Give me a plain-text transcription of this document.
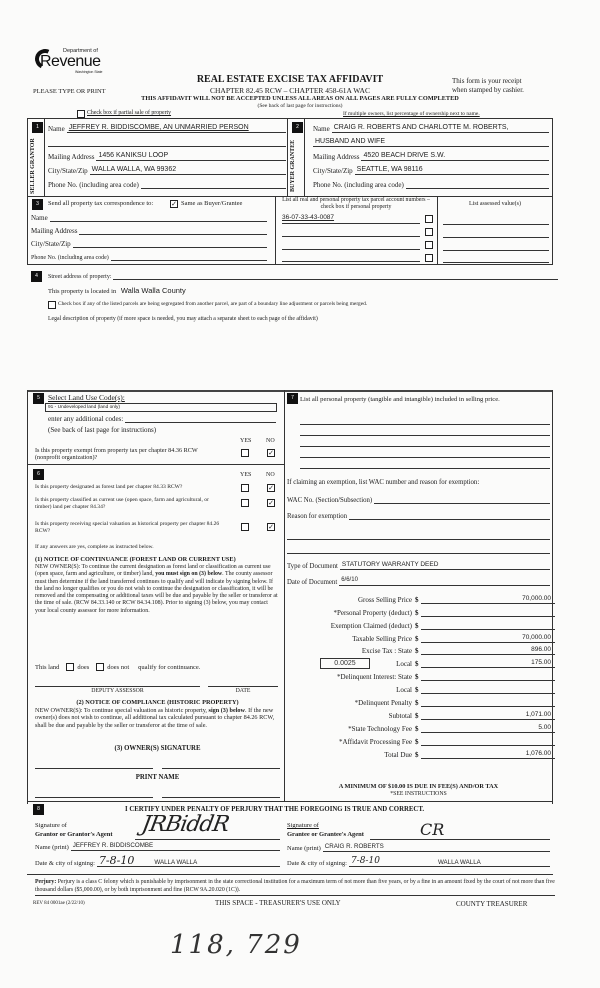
Department of
Revenue
Washington State
PLEASE TYPE OR PRINT
REAL ESTATE EXCISE TAX AFFIDAVIT
CHAPTER 82.45 RCW – CHAPTER 458-61A WAC
This form is your receipt
when stamped by cashier.
THIS AFFIDAVIT WILL NOT BE ACCEPTED UNLESS ALL AREAS ON ALL PAGES ARE FULLY COMPLETED
(See back of last page for instructions)
Check box if partial sale of property	If multiple owners, list percentage of ownership next to name.
1
SELLER GRANTOR
Name JEFFREY R. BIDDISCOMBE, AN UNMARRIED PERSON
Mailing Address 1456 KANIKSU LOOP
City/State/Zip WALLA WALLA, WA 99362
Phone No. (including area code)
2
BUYER GRANTEE
Name CRAIG R. ROBERTS AND CHARLOTTE M. ROBERTS,
HUSBAND AND WIFE
Mailing Address 4520 BEACH DRIVE S.W.
City/State/Zip SEATTLE, WA 98116
Phone No. (including area code)
3	Send all property tax correspondence to:	✓ Same as Buyer/Grantee
Name
Mailing Address
City/State/Zip
Phone No. (including area code)
List all real and personal property tax parcel account numbers – check box if personal property	List assessed value(s)
36-07-33-43-0087
4	Street address of property:
This property is located in Walla Walla County
Check box if any of the listed parcels are being segregated from another parcel, are part of a boundary line adjustment or parcels being merged.
Legal description of property (if more space is needed, you may attach a separate sheet to each page of the affidavit)
5	Select Land Use Code(s):
91 - Undeveloped land (land only)
enter any additional codes:
(See back of last page for instructions)
YES NO
Is this property exempt from property tax per chapter 84.36 RCW (nonprofit organization)?
✓
6	YES NO
Is this property designated as forest land per chapter 84.33 RCW?	✓
Is this property classified as current use (open space, farm and agricultural, or timber) land per chapter 84.34?	✓
Is this property receiving special valuation as historical property per chapter 84.26 RCW?	✓
If any answers are yes, complete as instructed below.
(1) NOTICE OF CONTINUANCE (FOREST LAND OR CURRENT USE)
NEW OWNER(S): To continue the current designation as forest land or classification as current use (open space, farm and agriculture, or timber) land, you must sign on (3) below. The county assessor must then determine if the land transferred continues to qualify and will indicate by signing below. If the land no longer qualifies or you do not wish to continue the designation or classification, it will be removed and the compensating or additional taxes will be due and payable by the seller or transferor at the time of sale. (RCW 84.33.140 or RCW 84.34.108). Prior to signing (3) below, you may contact your local county assessor for more information.
This land	does	does not qualify for continuance.
DEPUTY ASSESSOR	DATE
(2) NOTICE OF COMPLIANCE (HISTORIC PROPERTY)
NEW OWNER(S): To continue special valuation as historic property, sign (3) below. If the new owner(s) does not wish to continue, all additional tax calculated pursuant to chapter 84.26 RCW, shall be due and payable by the seller or transferor at the time of sale.
(3) OWNER(S) SIGNATURE
PRINT NAME
7 List all personal property (tangible and intangible) included in selling price.
If claiming an exemption, list WAC number and reason for exemption:
WAC No. (Section/Subsection)
Reason for exemption
Type of Document STATUTORY WARRANTY DEED
Date of Document 6/6/10
Gross Selling Price $	70,000.00
*Personal Property (deduct) $
Exemption Claimed (deduct) $
Taxable Selling Price $	70,000.00
Excise Tax : State $	896.00
0.0025	Local $	175.00
*Delinquent Interest: State $
Local $
*Delinquent Penalty $
Subtotal $	1,071.00
*State Technology Fee $	5.00
*Affidavit Processing Fee $
Total Due $	1,076.00
A MINIMUM OF $10.00 IS DUE IN FEE(S) AND/OR TAX
*SEE INSTRUCTIONS
8	I CERTIFY UNDER PENALTY OF PERJURY THAT THE FOREGOING IS TRUE AND CORRECT.
Signature of
Grantor or Grantor's Agent JRBiddR
Name (print) JEFFREY R. BIDDISCOMBE
Date & city of signing: 7-8-10	WALLA WALLA
Signature of
Grantee or Grantee's Agent	CR
Name (print) CRAIG R. ROBERTS
Date & city of signing: 7-8-10	WALLA WALLA
Perjury: Perjury is a class C felony which is punishable by imprisonment in the state correctional institution for a maximum term of not more than five years, or by a fine in an amount fixed by the court of not more than five thousand dollars ($5,000.00), or by both imprisonment and fine (RCW 9A.20.020 (1C)).
REV 84 0001ae (2/22/10)	THIS SPACE - TREASURER'S USE ONLY	COUNTY TREASURER
118, 729
